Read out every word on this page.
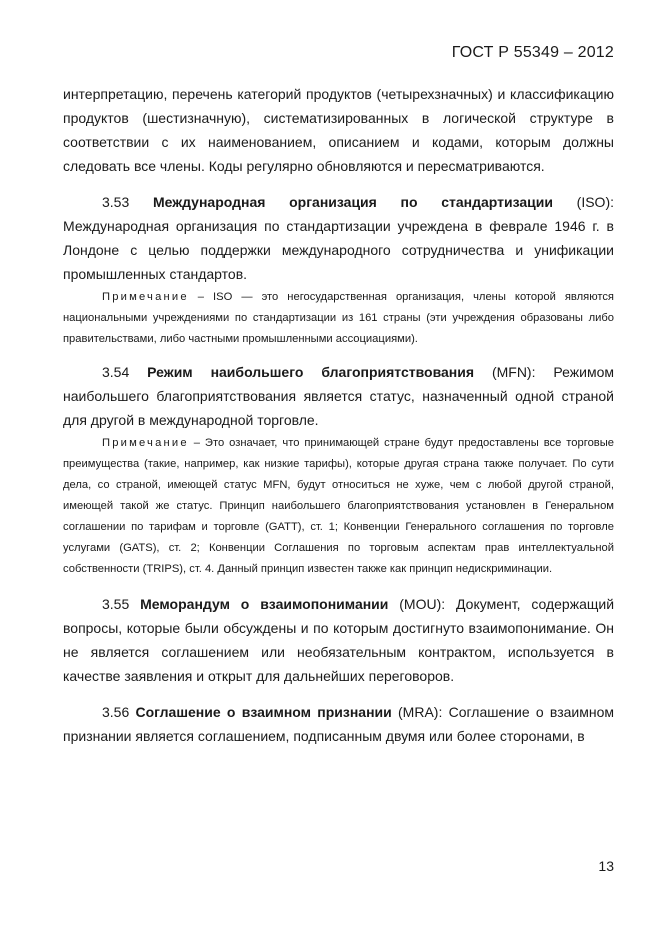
ГОСТ Р 55349 – 2012

интерпретацию, перечень категорий продуктов (четырехзначных) и классификацию продуктов (шестизначную), систематизированных в логической структуре в соответствии с их наименованием, описанием и кодами, которым должны следовать все члены. Коды регулярно обновляются и пересматриваются.

3.53 Международная организация по стандартизации (ISO): Международная организация по стандартизации учреждена в феврале 1946 г. в Лондоне с целью поддержки международного сотрудничества и унификации промышленных стандартов.

Примечание – ISO — это негосударственная организация, члены которой являются национальными учреждениями по стандартизации из 161 страны (эти учреждения образованы либо правительствами, либо частными промышленными ассоциациями).

3.54 Режим наибольшего благоприятствования (MFN): Режимом наибольшего благоприятствования является статус, назначенный одной страной для другой в международной торговле.

Примечание – Это означает, что принимающей стране будут предоставлены все торговые преимущества (такие, например, как низкие тарифы), которые другая страна также получает. По сути дела, со страной, имеющей статус MFN, будут относиться не хуже, чем с любой другой страной, имеющей такой же статус. Принцип наибольшего благоприятствования установлен в Генеральном соглашении по тарифам и торговле (GATT), ст. 1; Конвенции Генерального соглашения по торговле услугами (GATS), ст. 2; Конвенции Соглашения по торговым аспектам прав интеллектуальной собственности (TRIPS), ст. 4. Данный принцип известен также как принцип недискриминации.

3.55 Меморандум о взаимопонимании (MOU): Документ, содержащий вопросы, которые были обсуждены и по которым достигнуто взаимопонимание. Он не является соглашением или необязательным контрактом, используется в качестве заявления и открыт для дальнейших переговоров.

3.56 Соглашение о взаимном признании (MRA): Соглашение о взаимном признании является соглашением, подписанным двумя или более сторонами, в

13
